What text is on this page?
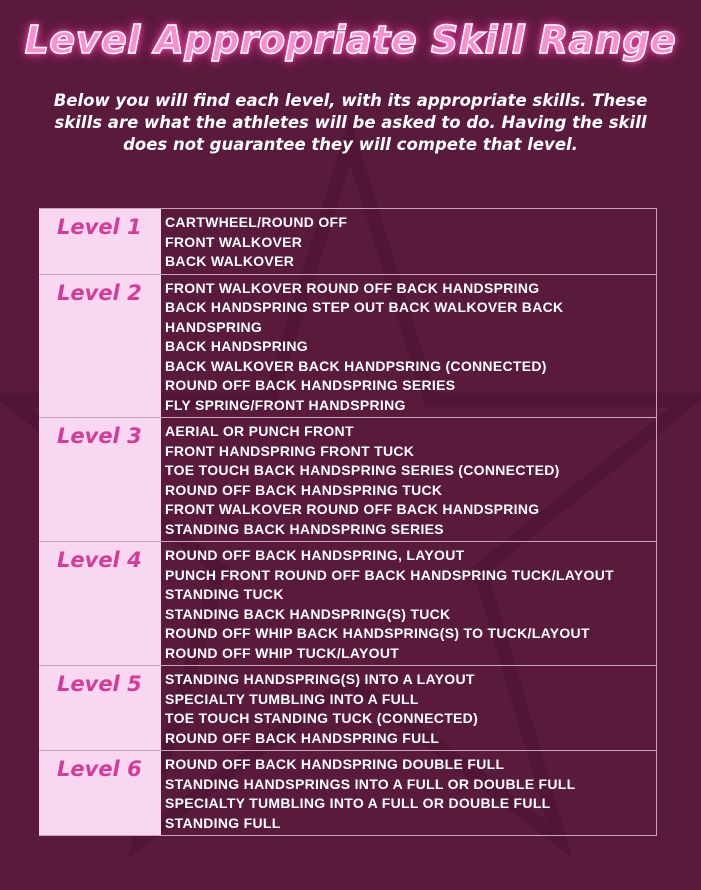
Level Appropriate Skill Range
Below you will find each level, with its appropriate skills. These skills are what the athletes will be asked to do. Having the skill does not guarantee they will compete that level.
Level 1	CARTWHEEL/ROUND OFF
FRONT WALKOVER
BACK WALKOVER
Level 2	FRONT WALKOVER ROUND OFF BACK HANDSPRING
BACK HANDSPRING STEP OUT BACK WALKOVER BACK HANDSPRING
BACK HANDSPRING
BACK WALKOVER BACK HANDPSRING (CONNECTED)
ROUND OFF BACK HANDSPRING SERIES
FLY SPRING/FRONT HANDSPRING
Level 3	AERIAL OR PUNCH FRONT
FRONT HANDSPRING FRONT TUCK
TOE TOUCH BACK HANDSPRING SERIES (CONNECTED)
ROUND OFF BACK HANDSPRING TUCK
FRONT WALKOVER ROUND OFF BACK HANDSPRING
STANDING BACK HANDSPRING SERIES
Level 4	ROUND OFF BACK HANDSPRING, LAYOUT
PUNCH FRONT ROUND OFF BACK HANDSPRING TUCK/LAYOUT
STANDING TUCK
STANDING BACK HANDSPRING(S) TUCK
ROUND OFF WHIP BACK HANDSPRING(S) TO TUCK/LAYOUT
ROUND OFF WHIP TUCK/LAYOUT
Level 5	STANDING HANDSPRING(S) INTO A LAYOUT
SPECIALTY TUMBLING INTO A FULL
TOE TOUCH STANDING TUCK (CONNECTED)
ROUND OFF BACK HANDSPRING FULL
Level 6	ROUND OFF BACK HANDSPRING DOUBLE FULL
STANDING HANDSPRINGS INTO A FULL OR DOUBLE FULL
SPECIALTY TUMBLING INTO A FULL OR DOUBLE FULL
STANDING FULL
